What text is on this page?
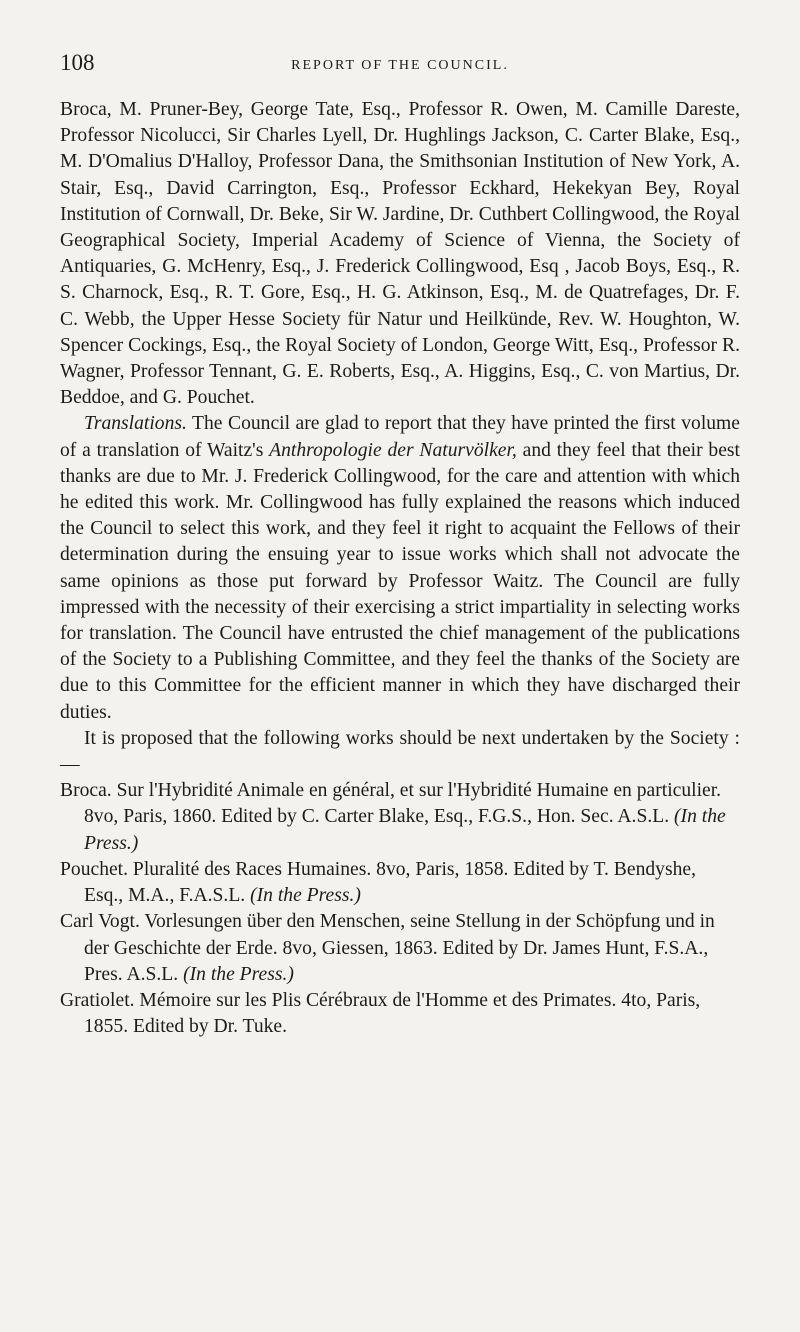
108	REPORT OF THE COUNCIL.

Broca, M. Pruner-Bey, George Tate, Esq., Professor R. Owen, M. Camille Dareste, Professor Nicolucci, Sir Charles Lyell, Dr. Hughlings Jackson, C. Carter Blake, Esq., M. D'Omalius D'Halloy, Professor Dana, the Smithsonian Institution of New York, A. Stair, Esq., David Carrington, Esq., Professor Eckhard, Hekekyan Bey, Royal Institution of Cornwall, Dr. Beke, Sir W. Jardine, Dr. Cuthbert Collingwood, the Royal Geographical Society, Imperial Academy of Science of Vienna, the Society of Antiquaries, G. McHenry, Esq., J. Frederick Collingwood, Esq , Jacob Boys, Esq., R. S. Charnock, Esq., R. T. Gore, Esq., H. G. Atkinson, Esq., M. de Quatrefages, Dr. F. C. Webb, the Upper Hesse Society für Natur und Heilkünde, Rev. W. Houghton, W. Spencer Cockings, Esq., the Royal Society of London, George Witt, Esq., Professor R. Wagner, Professor Tennant, G. E. Roberts, Esq., A. Higgins, Esq., C. von Martius, Dr. Beddoe, and G. Pouchet.

Translations. The Council are glad to report that they have printed the first volume of a translation of Waitz's Anthropologie der Naturvölker, and they feel that their best thanks are due to Mr. J. Frederick Collingwood, for the care and attention with which he edited this work. Mr. Collingwood has fully explained the reasons which induced the Council to select this work, and they feel it right to acquaint the Fellows of their determination during the ensuing year to issue works which shall not advocate the same opinions as those put forward by Professor Waitz. The Council are fully impressed with the necessity of their exercising a strict impartiality in selecting works for translation. The Council have entrusted the chief management of the publications of the Society to a Publishing Committee, and they feel the thanks of the Society are due to this Committee for the efficient manner in which they have discharged their duties.

It is proposed that the following works should be next undertaken by the Society :—

Broca. Sur l'Hybridité Animale en général, et sur l'Hybridité Humaine en particulier. 8vo, Paris, 1860. Edited by C. Carter Blake, Esq., F.G.S., Hon. Sec. A.S.L. (In the Press.)

Pouchet. Pluralité des Races Humaines. 8vo, Paris, 1858. Edited by T. Bendyshe, Esq., M.A., F.A.S.L. (In the Press.)

Carl Vogt. Vorlesungen über den Menschen, seine Stellung in der Schöpfung und in der Geschichte der Erde. 8vo, Giessen, 1863. Edited by Dr. James Hunt, F.S.A., Pres. A.S.L. (In the Press.)

Gratiolet. Mémoire sur les Plis Cérébraux de l'Homme et des Primates. 4to, Paris, 1855. Edited by Dr. Tuke.
